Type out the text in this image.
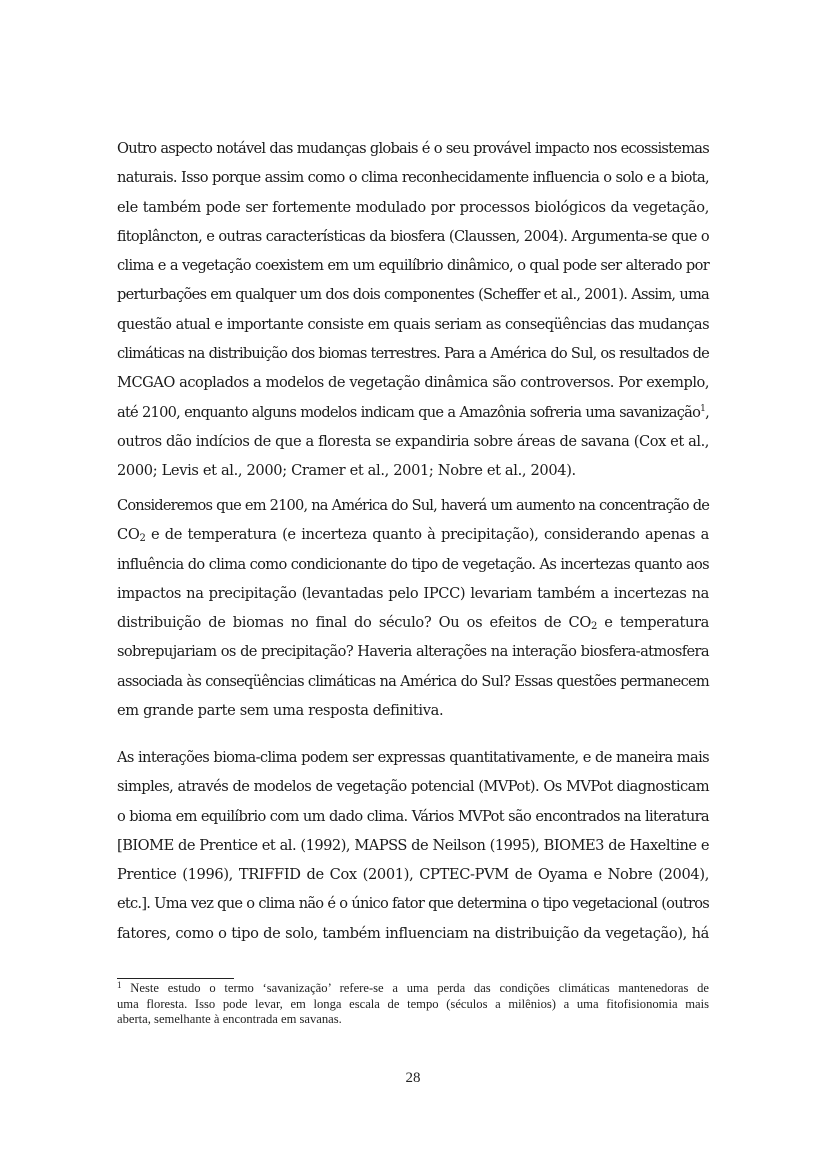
Outro aspecto notável das mudanças globais é o seu provável impacto nos ecossistemas
naturais. Isso porque assim como o clima reconhecidamente influencia o solo e a biota,
ele também pode ser fortemente modulado por processos biológicos da vegetação,
fitoplâncton, e outras características da biosfera (Claussen, 2004). Argumenta-se que o
clima e a vegetação coexistem em um equilíbrio dinâmico, o qual pode ser alterado por
perturbações em qualquer um dos dois componentes (Scheffer et al., 2001). Assim, uma
questão atual e importante consiste em quais seriam as conseqüências das mudanças
climáticas na distribuição dos biomas terrestres. Para a América do Sul, os resultados de
MCGAO acoplados a modelos de vegetação dinâmica são controversos. Por exemplo,
até 2100, enquanto alguns modelos indicam que a Amazônia sofreria uma savanização$^1$,
outros dão indícios de que a floresta se expandiria sobre áreas de savana (Cox et al.,
2000; Levis et al., 2000; Cramer et al., 2001; Nobre et al., 2004).
Consideremos que em 2100, na América do Sul, haverá um aumento na concentração de
$CO_2$ e de temperatura (e incerteza quanto à precipitação), considerando apenas a
influência do clima como condicionante do tipo de vegetação. As incertezas quanto aos
impactos na precipitação (levantadas pelo IPCC) levariam também a incertezas na
distribuição de biomas no final do século? Ou os efeitos de $CO_2$ e temperatura
sobrepujariam os de precipitação? Haveria alterações na interação biosfera-atmosfera
associada às conseqüências climáticas na América do Sul? Essas questões permanecem
em grande parte sem uma resposta definitiva.
As interações bioma-clima podem ser expressas quantitativamente, e de maneira mais
simples, através de modelos de vegetação potencial (MVPot). Os MVPot diagnosticam
o bioma em equilíbrio com um dado clima. Vários MVPot são encontrados na literatura
[BIOME de Prentice et al. (1992), MAPSS de Neilson (1995), BIOME3 de Haxeltine e
Prentice (1996), TRIFFID de Cox (2001), CPTEC-PVM de Oyama e Nobre (2004),
etc.]. Uma vez que o clima não é o único fator que determina o tipo vegetacional (outros
fatores, como o tipo de solo, também influenciam na distribuição da vegetação), há
$^1$ Neste estudo o termo ‘savanização’ refere-se a uma perda das condições climáticas mantenedoras de
uma floresta. Isso pode levar, em longa escala de tempo (séculos a milênios) a uma fitofisionomia mais
aberta, semelhante à encontrada em savanas.
28
